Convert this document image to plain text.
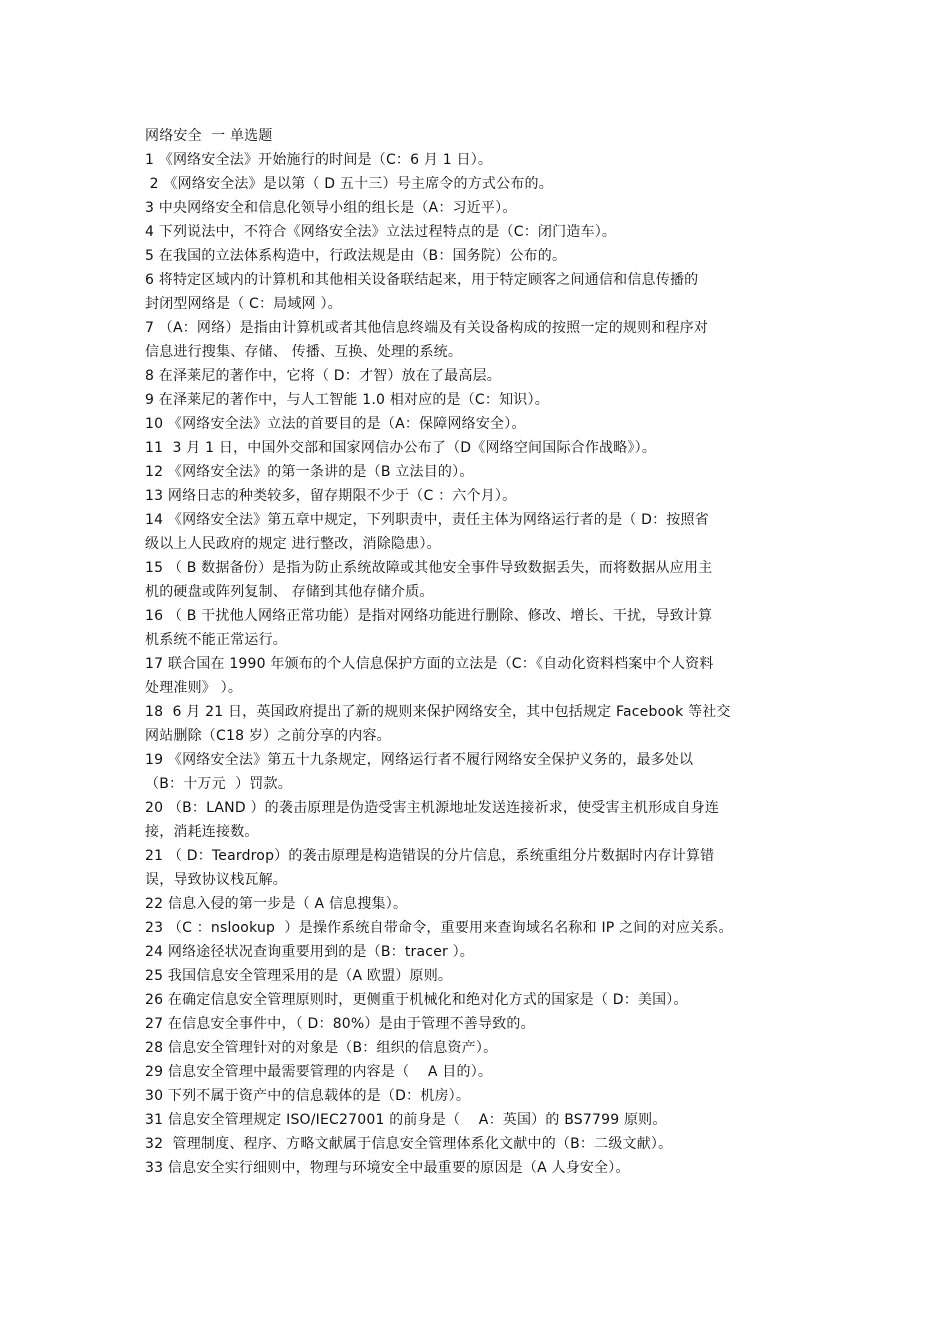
网络安全  一 单选题
1 《网络安全法》开始施行的时间是（C：6 月 1 日）。
2 《网络安全法》是以第（ D 五十三）号主席令的方式公布的。
3 中央网络安全和信息化领导小组的组长是（A：习近平）。
4 下列说法中，不符合《网络安全法》立法过程特点的是（C：闭门造车）。
5 在我国的立法体系构造中，行政法规是由（B：国务院）公布的。
6 将特定区域内的计算机和其他相关设备联结起来，用于特定顾客之间通信和信息传播的
封闭型网络是（ C：局域网 ）。
7 （A：网络）是指由计算机或者其他信息终端及有关设备构成的按照一定的规则和程序对
信息进行搜集、存储、 传播、互换、处理的系统。
8 在泽莱尼的著作中，它将（ D：才智）放在了最高层。
9 在泽莱尼的著作中，与人工智能 1.0 相对应的是（C：知识）。
10 《网络安全法》立法的首要目的是（A：保障网络安全）。
11  3 月 1 日，中国外交部和国家网信办公布了（D《网络空间国际合作战略》）。
12 《网络安全法》的第一条讲的是（B 立法目的）。
13 网络日志的种类较多，留存期限不少于（C ：六个月）。
14 《网络安全法》第五章中规定，下列职责中，责任主体为网络运行者的是（ D：按照省
级以上人民政府的规定 进行整改，消除隐患）。
15 （ B 数据备份）是指为防止系统故障或其他安全事件导致数据丢失，而将数据从应用主
机的硬盘或阵列复制、 存储到其他存储介质。
16 （ B 干扰他人网络正常功能）是指对网络功能进行删除、修改、增长、干扰，导致计算
机系统不能正常运行。
17 联合国在 1990 年颁布的个人信息保护方面的立法是（C：《自动化资料档案中个人资料
处理准则》 ）。
18  6 月 21 日，英国政府提出了新的规则来保护网络安全，其中包括规定 Facebook 等社交
网站删除（C18 岁）之前分享的内容。
19 《网络安全法》第五十九条规定，网络运行者不履行网络安全保护义务的，最多处以
（B：十万元  ）罚款。
20 （B：LAND ）的袭击原理是伪造受害主机源地址发送连接祈求，使受害主机形成自身连
接，消耗连接数。
21 （ D：Teardrop）的袭击原理是构造错误的分片信息，系统重组分片数据时内存计算错
误，导致协议栈瓦解。
22 信息入侵的第一步是（ A 信息搜集）。
23 （C ：nslookup  ）是操作系统自带命令，重要用来查询域名名称和 IP 之间的对应关系。
24 网络途径状况查询重要用到的是（B：tracer ）。
25 我国信息安全管理采用的是（A 欧盟）原则。
26 在确定信息安全管理原则时，更侧重于机械化和绝对化方式的国家是（ D：美国）。
27 在信息安全事件中，（ D：80%）是由于管理不善导致的。
28 信息安全管理针对的对象是（B：组织的信息资产）。
29 信息安全管理中最需要管理的内容是（    A 目的）。
30 下列不属于资产中的信息载体的是（D：机房）。
31 信息安全管理规定 ISO/IEC27001 的前身是（    A：英国）的 BS7799 原则。
32  管理制度、程序、方略文献属于信息安全管理体系化文献中的（B：二级文献）。
33 信息安全实行细则中，物理与环境安全中最重要的原因是（A 人身安全）。
